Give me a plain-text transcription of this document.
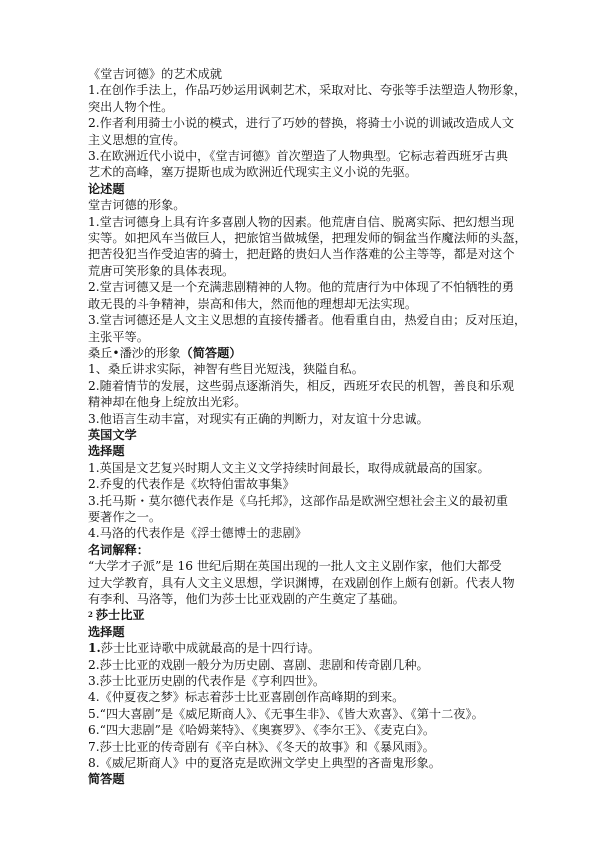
《堂吉诃德》的艺术成就
1.在创作手法上，作品巧妙运用讽刺艺术，采取对比、夸张等手法塑造人物形象，
突出人物个性。
2.作者利用骑士小说的模式，进行了巧妙的替换，将骑士小说的训诫改造成人文
主义思想的宣传。
3.在欧洲近代小说中，《堂吉诃德》首次塑造了人物典型。它标志着西班牙古典
艺术的高峰，塞万提斯也成为欧洲近代现实主义小说的先驱。
论述题
堂吉诃德的形象。
1.堂吉诃德身上具有许多喜剧人物的因素。他荒唐自信、脱离实际、把幻想当现
实等。如把风车当做巨人，把旅馆当做城堡，把理发师的铜盆当作魔法师的头盔，
把苦役犯当作受迫害的骑士，把赶路的贵妇人当作落难的公主等等，都是对这个
荒唐可笑形象的具体表现。
2.堂吉诃德又是一个充满悲剧精神的人物。他的荒唐行为中体现了不怕牺牲的勇
敢无畏的斗争精神，崇高和伟大，然而他的理想却无法实现。
3.堂吉诃德还是人文主义思想的直接传播者。他看重自由，热爱自由；反对压迫，
主张平等。
桑丘•潘沙的形象（简答题）
1、桑丘讲求实际，神智有些目光短浅，狭隘自私。
2.随着情节的发展，这些弱点逐渐消失，相反，西班牙农民的机智，善良和乐观
精神却在他身上绽放出光彩。
3.他语言生动丰富，对现实有正确的判断力，对友谊十分忠诚。
英国文学
选择题
1.英国是文艺复兴时期人文主义文学持续时间最长，取得成就最高的国家。
2.乔叟的代表作是《坎特伯雷故事集》
3.托马斯・莫尔德代表作是《乌托邦》，这部作品是欧洲空想社会主义的最初重
要著作之一。
4.马洛的代表作是《浮士德博士的悲剧》
名词解释：
“大学才子派”是 16 世纪后期在英国出现的一批人文主义剧作家，他们大都受
过大学教育，具有人文主义思想，学识渊博，在戏剧创作上颇有创新。代表人物
有李利、马洛等，他们为莎士比亚戏剧的产生奠定了基础。
$^2$ 莎士比亚
选择题
1.莎士比亚诗歌中成就最高的是十四行诗。
2.莎士比亚的戏剧一般分为历史剧、喜剧、悲剧和传奇剧几种。
3.莎士比亚历史剧的代表作是《亨利四世》。
4.《仲夏夜之梦》标志着莎士比亚喜剧创作高峰期的到来。
5.“四大喜剧”是《威尼斯商人》、《无事生非》、《皆大欢喜》、《第十二夜》。
6.“四大悲剧”是《哈姆莱特》、《奥赛罗》、《李尔王》、《麦克白》。
7.莎士比亚的传奇剧有《辛白林》、《冬天的故事》和《暴风雨》。
8.《威尼斯商人》中的夏洛克是欧洲文学史上典型的吝啬鬼形象。
简答题
